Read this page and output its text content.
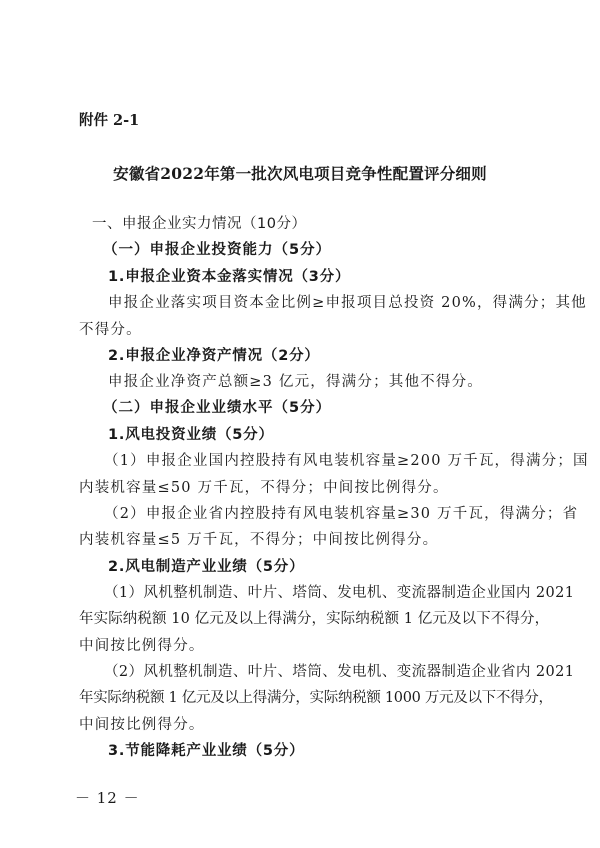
附件 2-1
安徽省2022年第一批次风电项目竞争性配置评分细则
一、申报企业实力情况（10分）
（一）申报企业投资能力（5分）
1.申报企业资本金落实情况（3分）
申报企业落实项目资本金比例≥申报项目总投资 20%，得满分；其他
不得分。
2.申报企业净资产情况（2分）
申报企业净资产总额≥3 亿元，得满分；其他不得分。
（二）申报企业业绩水平（5分）
1.风电投资业绩（5分）
（1）申报企业国内控股持有风电装机容量≥200 万千瓦，得满分；国
内装机容量≤50 万千瓦，不得分；中间按比例得分。
（2）申报企业省内控股持有风电装机容量≥30 万千瓦，得满分；省
内装机容量≤5 万千瓦，不得分；中间按比例得分。
2.风电制造产业业绩（5分）
（1）风机整机制造、叶片、塔筒、发电机、变流器制造企业国内 2021
年实际纳税额 10 亿元及以上得满分，实际纳税额 1 亿元及以下不得分，
中间按比例得分。
（2）风机整机制造、叶片、塔筒、发电机、变流器制造企业省内 2021
年实际纳税额 1 亿元及以上得满分，实际纳税额 1000 万元及以下不得分，
中间按比例得分。
3.节能降耗产业业绩（5分）
－ 12 －
